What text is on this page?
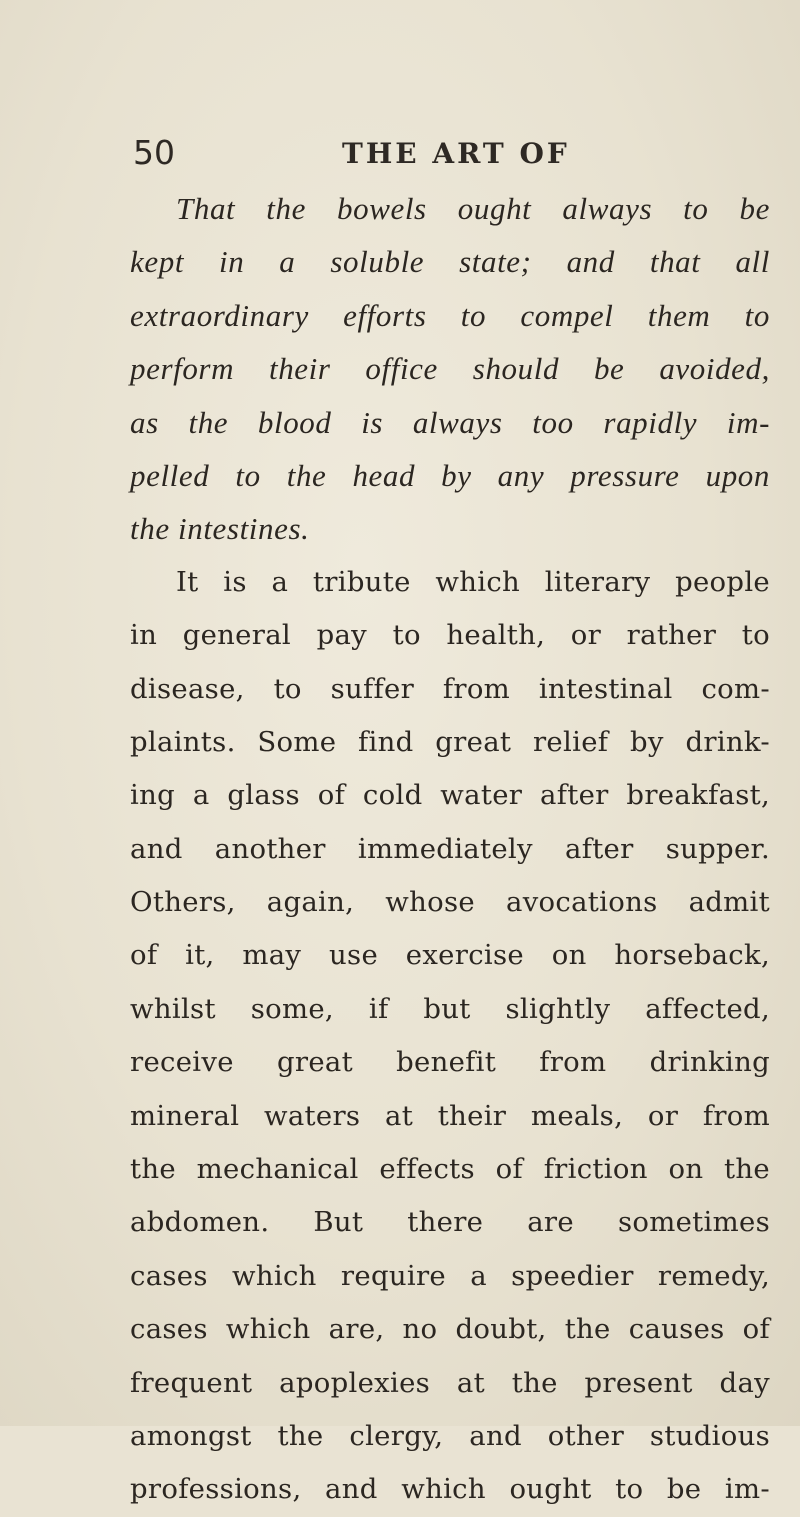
50	THE ART OF
That the bowels ought always to be
kept in a soluble state; and that all
extraordinary efforts to compel them to
perform their office should be avoided,
as the blood is always too rapidly im-
pelled to the head by any pressure upon
the intestines.
It is a tribute which literary people
in general pay to health, or rather to
disease, to suffer from intestinal com-
plaints. Some find great relief by drink-
ing a glass of cold water after breakfast,
and another immediately after supper.
Others, again, whose avocations admit
of it, may use exercise on horseback,
whilst some, if but slightly affected,
receive great benefit from drinking
mineral waters at their meals, or from
the mechanical effects of friction on the
abdomen. But there are sometimes
cases which require a speedier remedy,
cases which are, no doubt, the causes of
frequent apoplexies at the present day
amongst the clergy, and other studious
professions, and which ought to be im-
